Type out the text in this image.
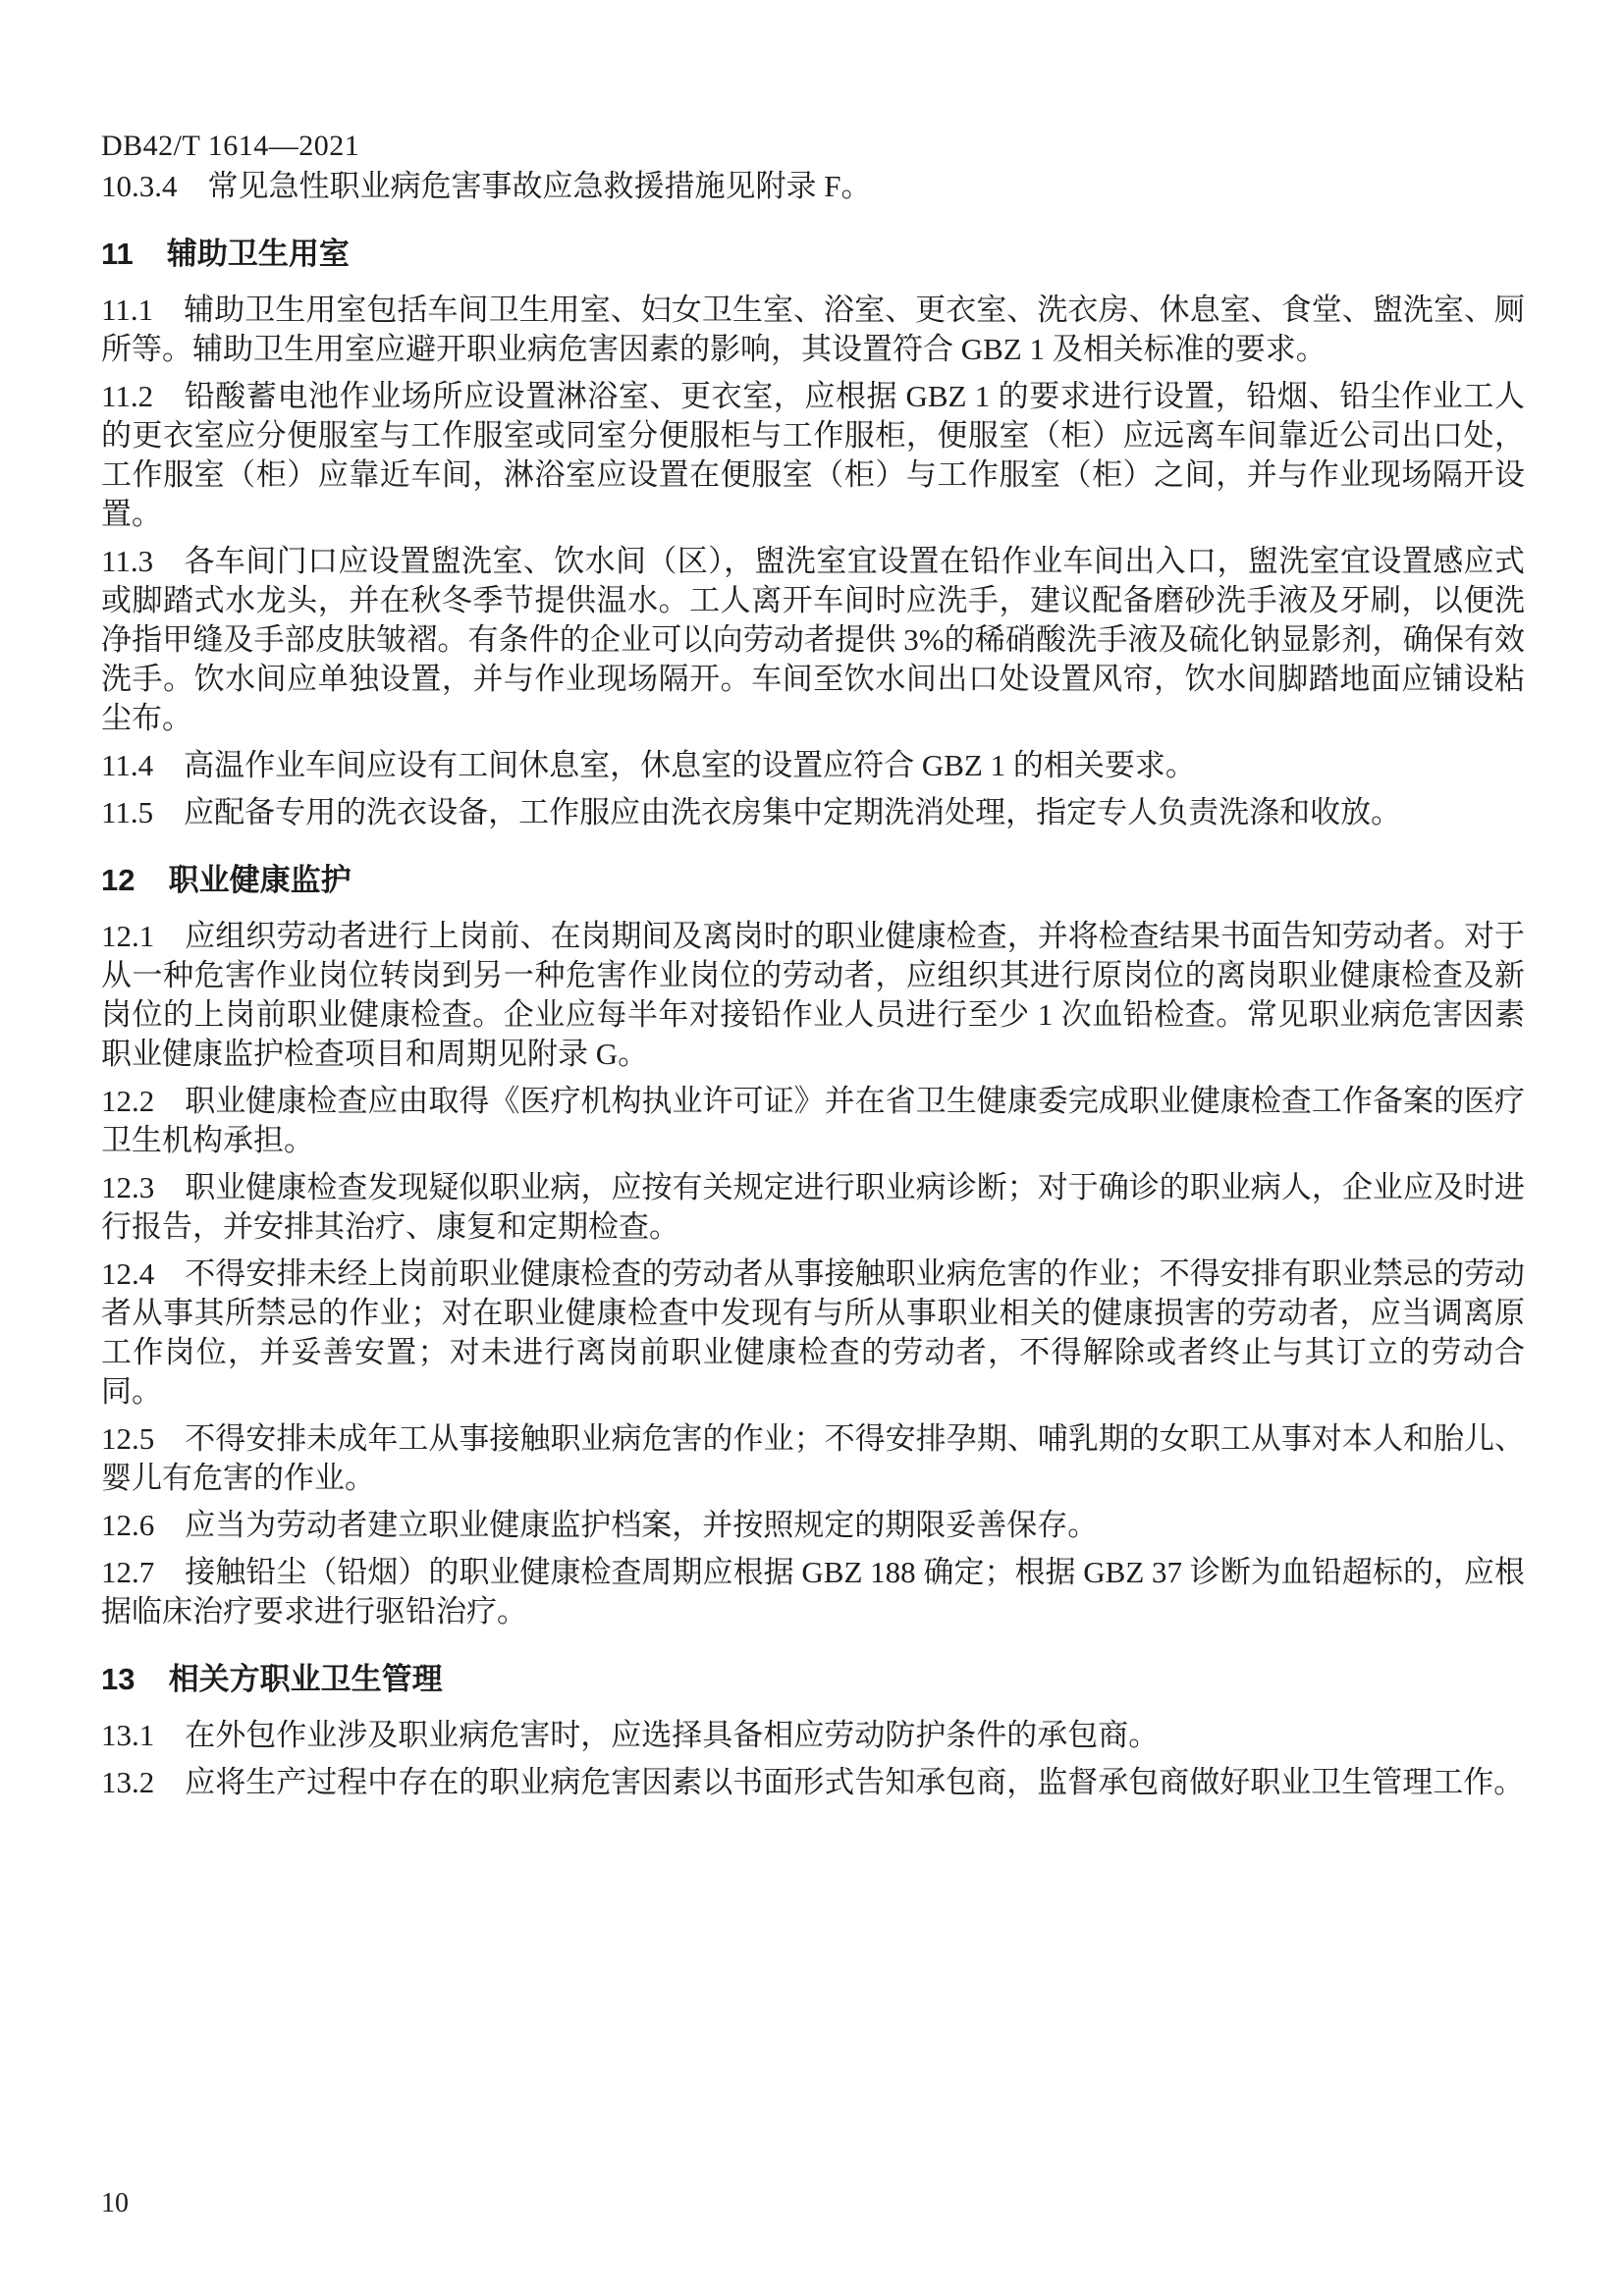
DB42/T 1614—2021

10.3.4 常见急性职业病危害事故应急救援措施见附录 F。

11 辅助卫生用室

11.1 辅助卫生用室包括车间卫生用室、妇女卫生室、浴室、更衣室、洗衣房、休息室、食堂、盥洗室、厕所等。辅助卫生用室应避开职业病危害因素的影响，其设置符合 GBZ 1 及相关标准的要求。

11.2 铅酸蓄电池作业场所应设置淋浴室、更衣室，应根据 GBZ 1 的要求进行设置，铅烟、铅尘作业工人的更衣室应分便服室与工作服室或同室分便服柜与工作服柜，便服室（柜）应远离车间靠近公司出口处，工作服室（柜）应靠近车间，淋浴室应设置在便服室（柜）与工作服室（柜）之间，并与作业现场隔开设置。

11.3 各车间门口应设置盥洗室、饮水间（区），盥洗室宜设置在铅作业车间出入口，盥洗室宜设置感应式或脚踏式水龙头，并在秋冬季节提供温水。工人离开车间时应洗手，建议配备磨砂洗手液及牙刷，以便洗净指甲缝及手部皮肤皱褶。有条件的企业可以向劳动者提供 3%的稀硝酸洗手液及硫化钠显影剂，确保有效洗手。饮水间应单独设置，并与作业现场隔开。车间至饮水间出口处设置风帘，饮水间脚踏地面应铺设粘尘布。

11.4 高温作业车间应设有工间休息室，休息室的设置应符合 GBZ 1 的相关要求。

11.5 应配备专用的洗衣设备，工作服应由洗衣房集中定期洗消处理，指定专人负责洗涤和收放。

12 职业健康监护

12.1 应组织劳动者进行上岗前、在岗期间及离岗时的职业健康检查，并将检查结果书面告知劳动者。对于从一种危害作业岗位转岗到另一种危害作业岗位的劳动者，应组织其进行原岗位的离岗职业健康检查及新岗位的上岗前职业健康检查。企业应每半年对接铅作业人员进行至少 1 次血铅检查。常见职业病危害因素职业健康监护检查项目和周期见附录 G。

12.2 职业健康检查应由取得《医疗机构执业许可证》并在省卫生健康委完成职业健康检查工作备案的医疗卫生机构承担。

12.3 职业健康检查发现疑似职业病，应按有关规定进行职业病诊断；对于确诊的职业病人，企业应及时进行报告，并安排其治疗、康复和定期检查。

12.4 不得安排未经上岗前职业健康检查的劳动者从事接触职业病危害的作业；不得安排有职业禁忌的劳动者从事其所禁忌的作业；对在职业健康检查中发现有与所从事职业相关的健康损害的劳动者，应当调离原工作岗位，并妥善安置；对未进行离岗前职业健康检查的劳动者，不得解除或者终止与其订立的劳动合同。

12.5 不得安排未成年工从事接触职业病危害的作业；不得安排孕期、哺乳期的女职工从事对本人和胎儿、婴儿有危害的作业。

12.6 应当为劳动者建立职业健康监护档案，并按照规定的期限妥善保存。

12.7 接触铅尘（铅烟）的职业健康检查周期应根据 GBZ 188 确定；根据 GBZ 37 诊断为血铅超标的，应根据临床治疗要求进行驱铅治疗。

13 相关方职业卫生管理

13.1 在外包作业涉及职业病危害时，应选择具备相应劳动防护条件的承包商。

13.2 应将生产过程中存在的职业病危害因素以书面形式告知承包商，监督承包商做好职业卫生管理工作。

10
